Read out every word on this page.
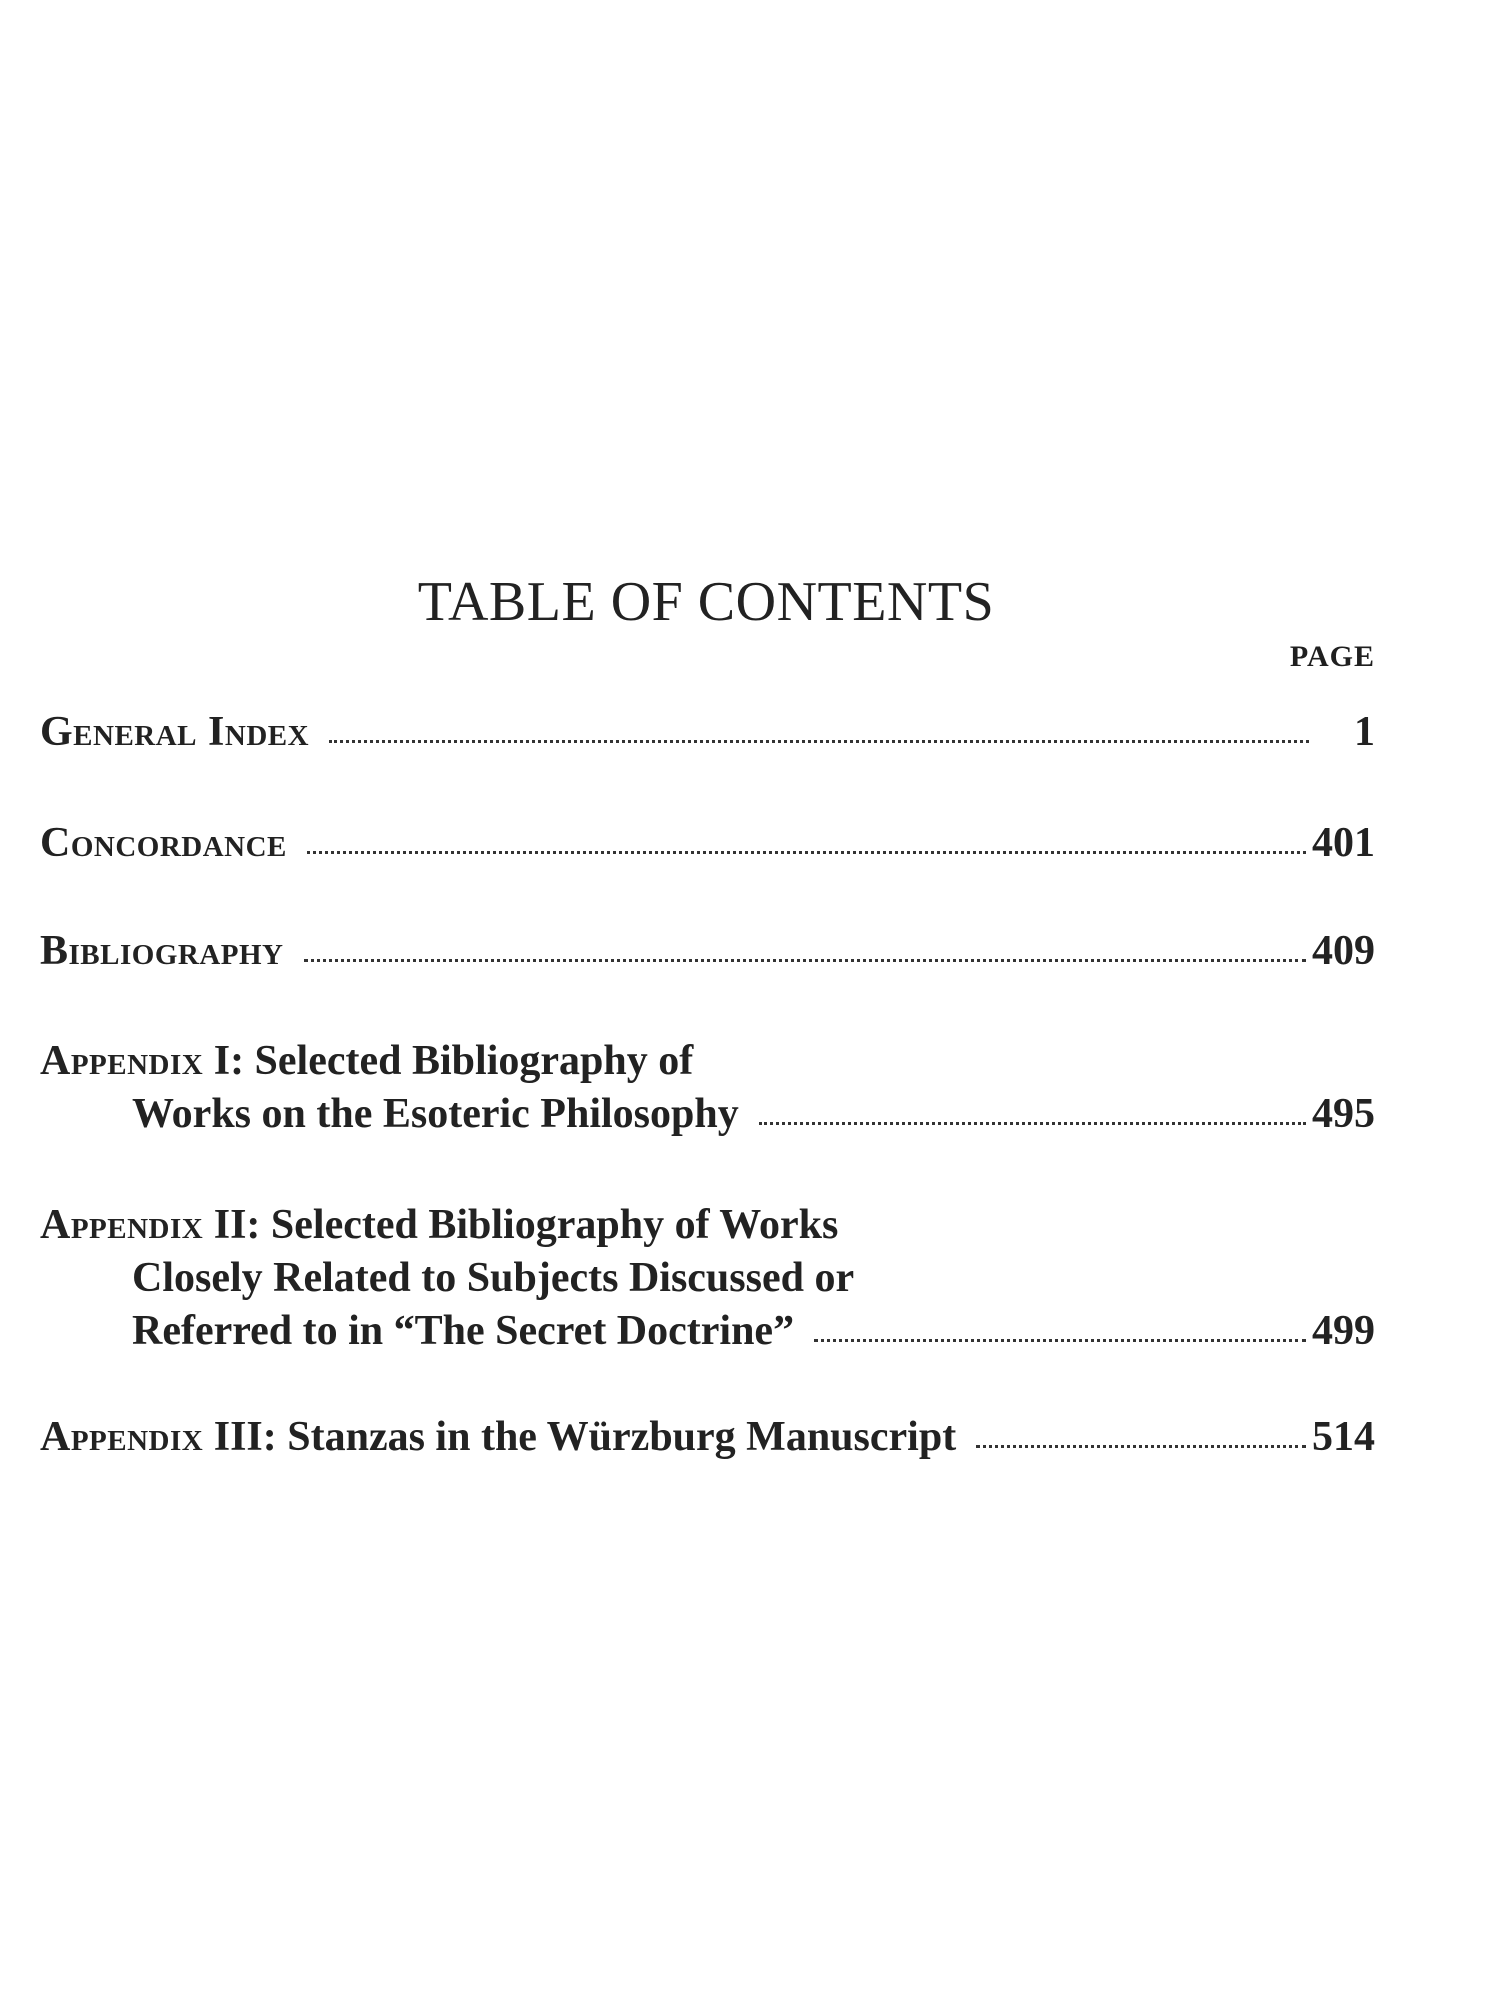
TABLE OF CONTENTS
PAGE
General Index	1
Concordance	401
Bibliography	409
Appendix I: Selected Bibliography of
Works on the Esoteric Philosophy	495
Appendix II: Selected Bibliography of Works
Closely Related to Subjects Discussed or
Referred to in “The Secret Doctrine”	499
Appendix III: Stanzas in the Würzburg Manuscript	514
